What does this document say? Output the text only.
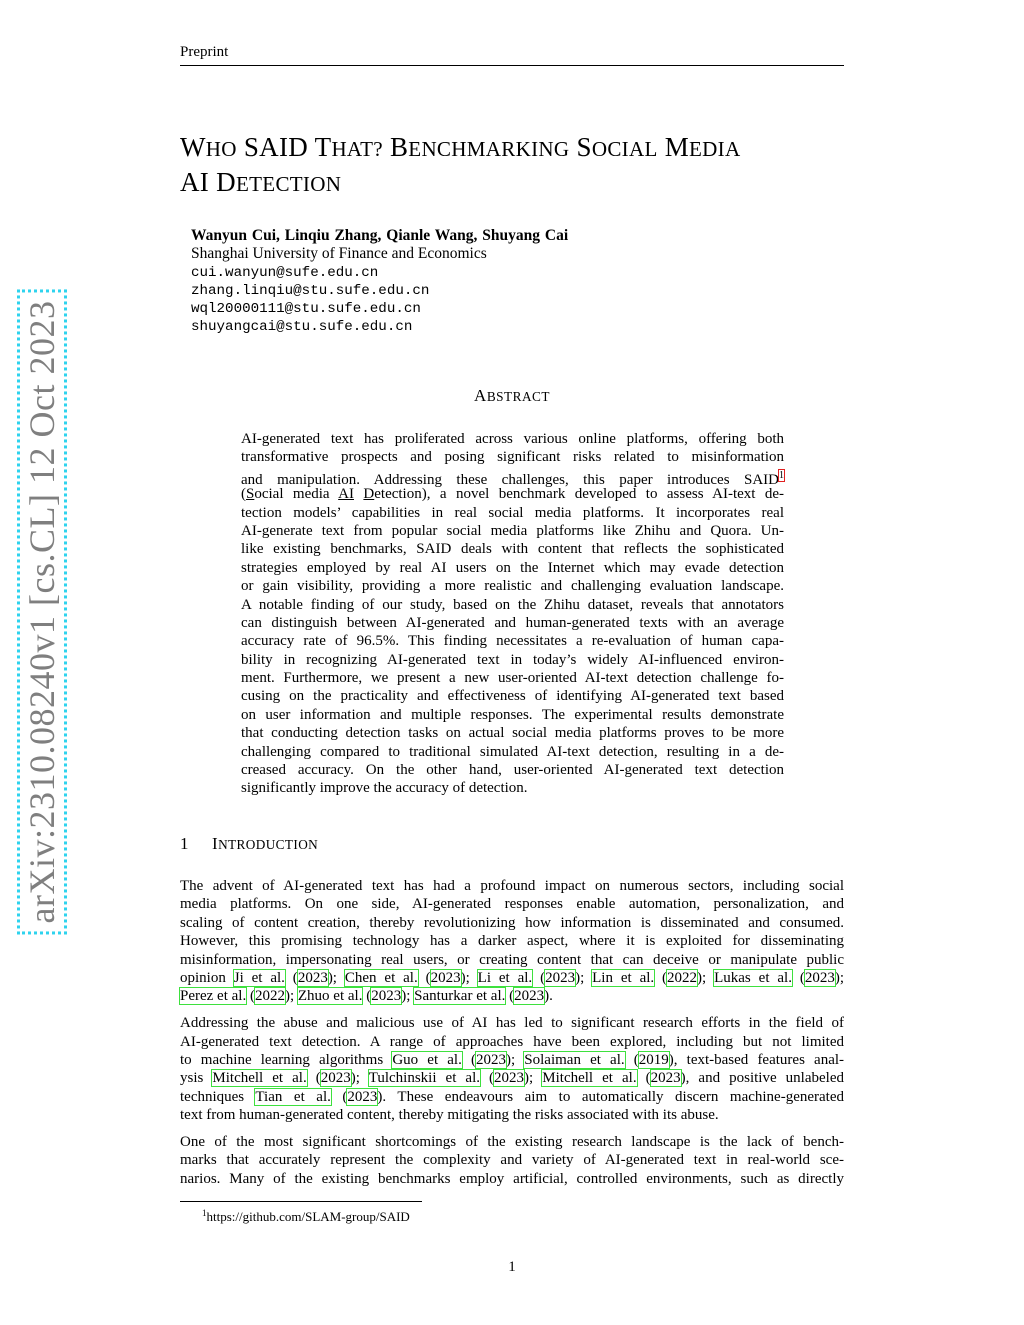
Preprint
WHO SAID THAT? BENCHMARKING SOCIAL MEDIA
AI DETECTION
Wanyun Cui, Linqiu Zhang, Qianle Wang, Shuyang Cai
Shanghai University of Finance and Economics
cui.wanyun@sufe.edu.cn
zhang.linqiu@stu.sufe.edu.cn
wql20000111@stu.sufe.edu.cn
shuyangcai@stu.sufe.edu.cn
ABSTRACT
AI-generated text has proliferated across various online platforms, offering both
transformative prospects and posing significant risks related to misinformation
and manipulation. Addressing these challenges, this paper introduces SAID$^1$
(Social media AI Detection), a novel benchmark developed to assess AI-text de-
tection models’ capabilities in real social media platforms. It incorporates real
AI-generate text from popular social media platforms like Zhihu and Quora. Un-
like existing benchmarks, SAID deals with content that reflects the sophisticated
strategies employed by real AI users on the Internet which may evade detection
or gain visibility, providing a more realistic and challenging evaluation landscape.
A notable finding of our study, based on the Zhihu dataset, reveals that annotators
can distinguish between AI-generated and human-generated texts with an average
accuracy rate of 96.5%. This finding necessitates a re-evaluation of human capa-
bility in recognizing AI-generated text in today’s widely AI-influenced environ-
ment. Furthermore, we present a new user-oriented AI-text detection challenge fo-
cusing on the practicality and effectiveness of identifying AI-generated text based
on user information and multiple responses. The experimental results demonstrate
that conducting detection tasks on actual social media platforms proves to be more
challenging compared to traditional simulated AI-text detection, resulting in a de-
creased accuracy. On the other hand, user-oriented AI-generated text detection
significantly improve the accuracy of detection.
1 INTRODUCTION
The advent of AI-generated text has had a profound impact on numerous sectors, including social
media platforms. On one side, AI-generated responses enable automation, personalization, and
scaling of content creation, thereby revolutionizing how information is disseminated and consumed.
However, this promising technology has a darker aspect, where it is exploited for disseminating
misinformation, impersonating real users, or creating content that can deceive or manipulate public
opinion Ji et al. (2023); Chen et al. (2023); Li et al. (2023); Lin et al. (2022); Lukas et al. (2023);
Perez et al. (2022); Zhuo et al. (2023); Santurkar et al. (2023).
Addressing the abuse and malicious use of AI has led to significant research efforts in the field of
AI-generated text detection. A range of approaches have been explored, including but not limited
to machine learning algorithms Guo et al. (2023); Solaiman et al. (2019), text-based features anal-
ysis Mitchell et al. (2023); Tulchinskii et al. (2023); Mitchell et al. (2023), and positive unlabeled
techniques Tian et al. (2023). These endeavours aim to automatically discern machine-generated
text from human-generated content, thereby mitigating the risks associated with its abuse.
One of the most significant shortcomings of the existing research landscape is the lack of bench-
marks that accurately represent the complexity and variety of AI-generated text in real-world sce-
narios. Many of the existing benchmarks employ artificial, controlled environments, such as directly
$^1$https://github.com/SLAM-group/SAID
1
arXiv:2310.08240v1 [cs.CL] 12 Oct 2023
